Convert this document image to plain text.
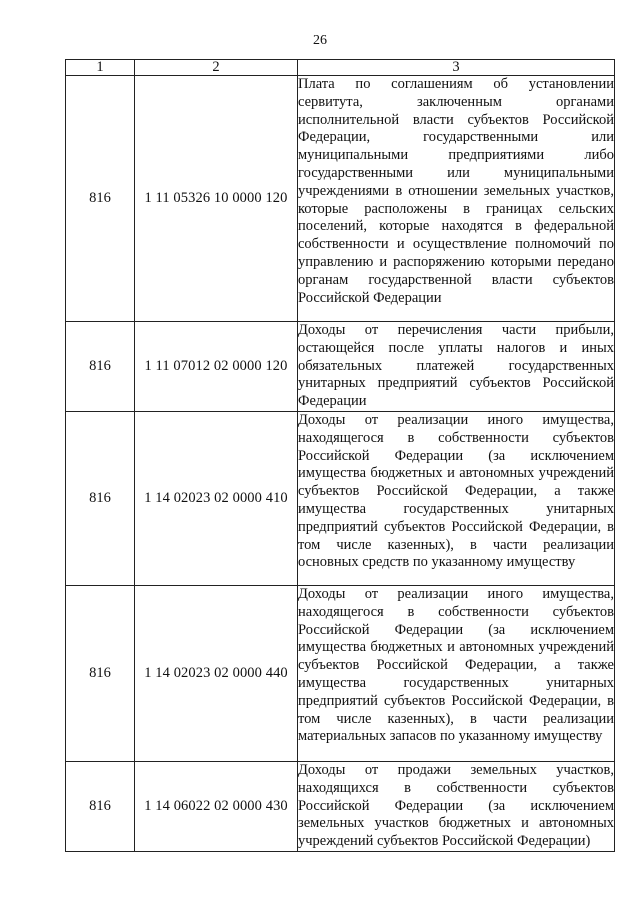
26
1	2	3
816	1 11 05326 10 0000 120	Плата по соглашениям об установлении сервитута, заключенным органами исполнительной власти субъектов Российской Федерации, государственными или муниципальными предприятиями либо государственными или муниципальными учреждениями в отношении земельных участков, которые расположены в границах сельских поселений, которые находятся в федеральной собственности и осуществление полномочий по управлению и распоряжению которыми передано органам государственной власти субъектов Российской Федерации
816	1 11 07012 02 0000 120	Доходы от перечисления части прибыли, остающейся после уплаты налогов и иных обязательных платежей государственных унитарных предприятий субъектов Российской Федерации
816	1 14 02023 02 0000 410	Доходы от реализации иного имущества, находящегося в собственности субъектов Российской Федерации (за исключением имущества бюджетных и автономных учреждений субъектов Российской Федерации, а также имущества государственных унитарных предприятий субъектов Российской Федерации, в том числе казенных), в части реализации основных средств по указанному имуществу
816	1 14 02023 02 0000 440	Доходы от реализации иного имущества, находящегося в собственности субъектов Российской Федерации (за исключением имущества бюджетных и автономных учреждений субъектов Российской Федерации, а также имущества государственных унитарных предприятий субъектов Российской Федерации, в том числе казенных), в части реализации материальных запасов по указанному имуществу
816	1 14 06022 02 0000 430	Доходы от продажи земельных участков, находящихся в собственности субъектов Российской Федерации (за исключением земельных участков бюджетных и автономных учреждений субъектов Российской Федерации)
